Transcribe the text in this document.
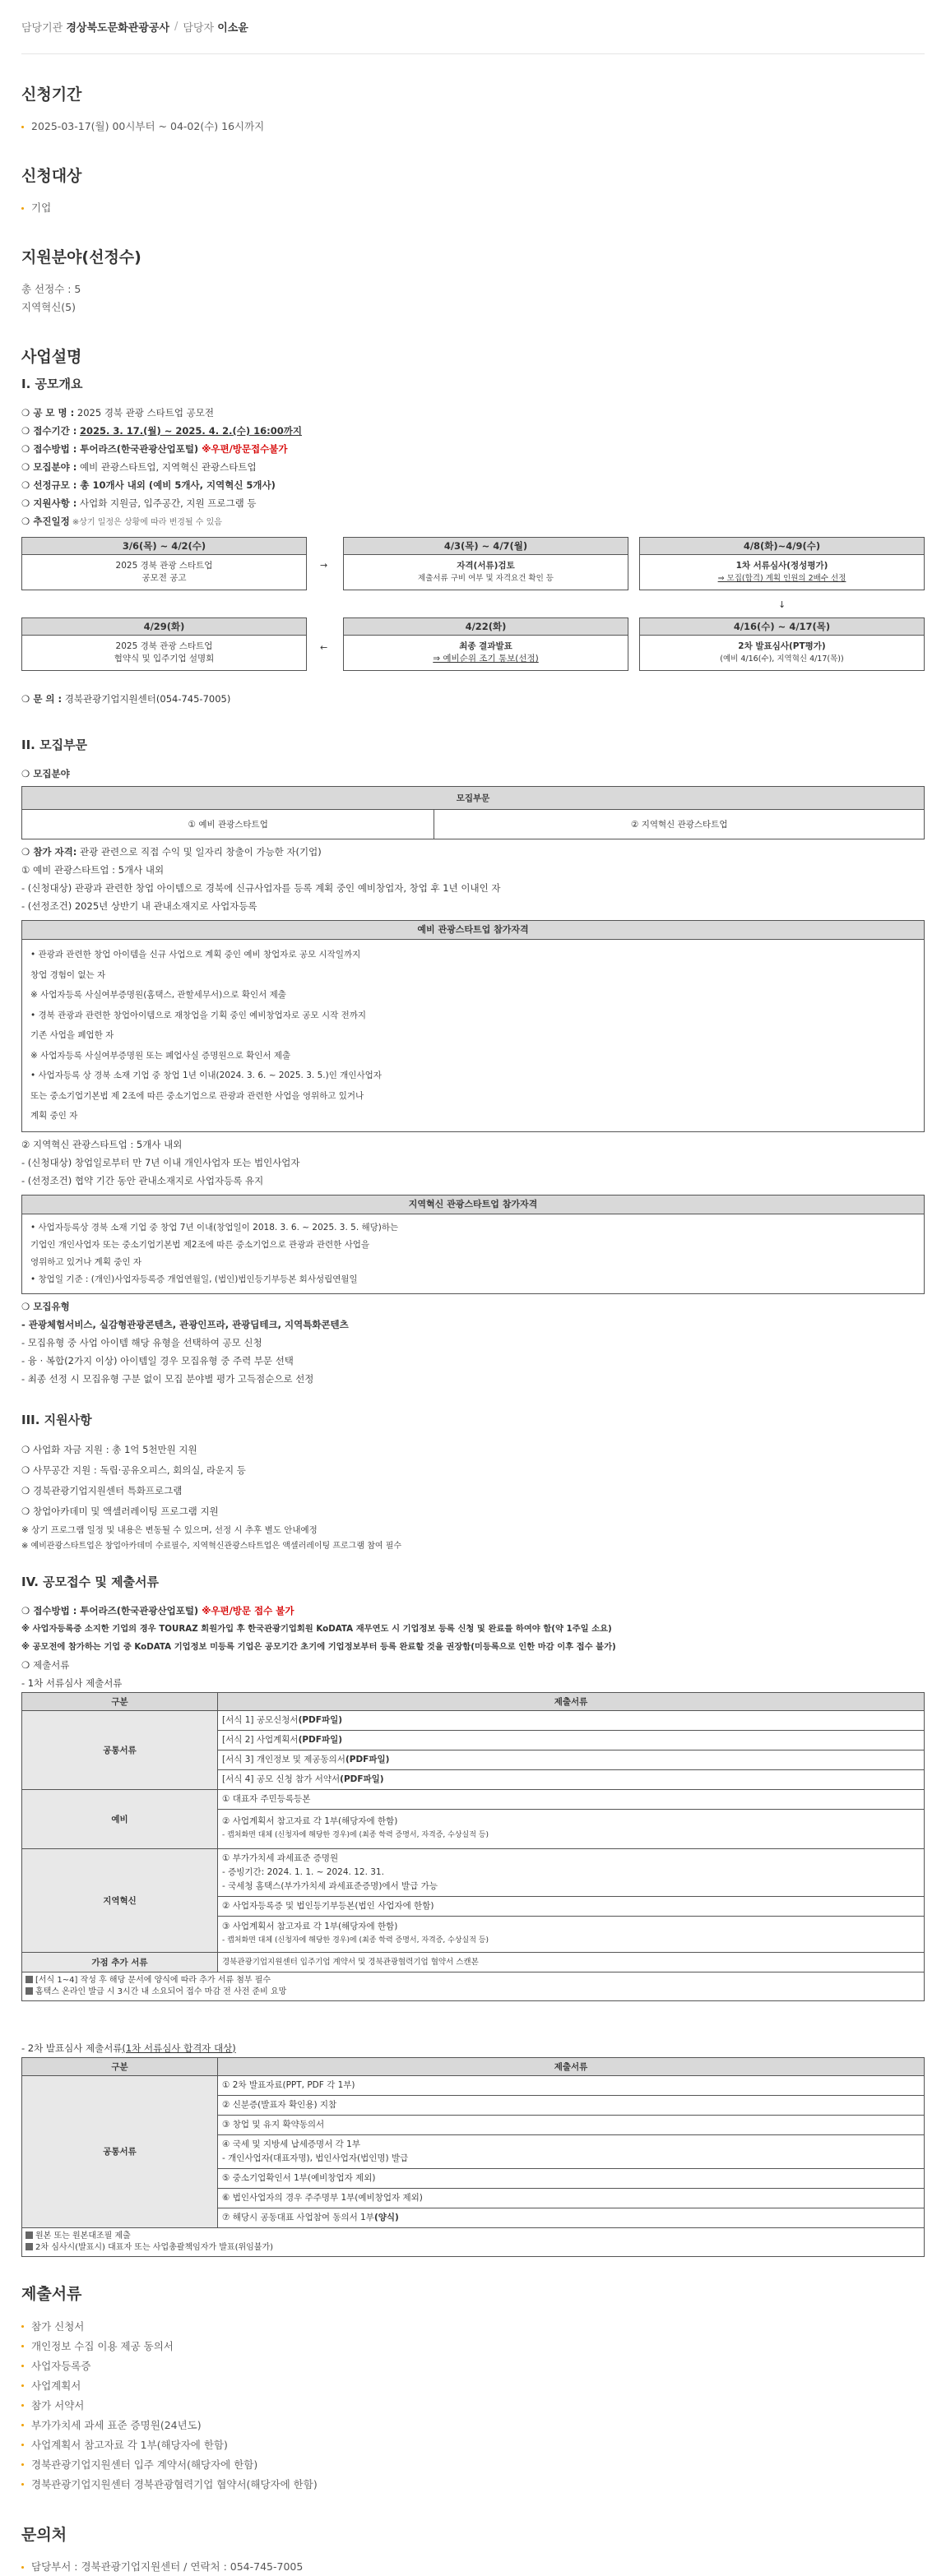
담당기관
경상북도문화관광공사 / 담당자
이소윤
신청기간
2025-03-17(월) 00시부터 ~ 04-02(수) 16시까지
신청대상
기업
지원분야(선정수)
총 선정수 : 5
지역혁신(5)
사업설명
I. 공모개요
❍ 공 모 명 : 2025 경북 관광 스타트업 공모전
❍ 접수기간 : 2025. 3. 17.(월) ~ 2025. 4. 2.(수) 16:00까지
❍ 접수방법 : 투어라즈(한국관광산업포털) ※우편/방문접수불가
❍ 모집분야 : 예비 관광스타트업, 지역혁신 관광스타트업
❍ 선정규모 : 총 10개사 내외 (예비 5개사, 지역혁신 5개사)
❍ 지원사항 : 사업화 지원금, 입주공간, 지원 프로그램 등
❍ 추진일정 ※상기 일정은 상황에 따라 변경될 수 있음
3/6(목) ~ 4/2(수)
2025 경북 관광 스타트업
공모전 공고
→
4/3(목) ~ 4/7(월)
자격(서류)검토
제출서류 구비 여부 및 자격요건 확인 등
4/8(화)~4/9(수)
1차 서류심사(정성평가)
⇒ 모집(합격) 계획 인원의 2배수 선정
↓
4/29(화)
2025 경북 관광 스타트업
협약식 및 입주기업 설명회
←
4/22(화)
최종 결과발표
⇒ 예비순위 조기 통보(선정)
4/16(수) ~ 4/17(목)
2차 발표심사(PT평가)
(예비 4/16(수), 지역혁신 4/17(목))
❍ 문 의 : 경북관광기업지원센터(054-745-7005)
II. 모집부문
❍ 모집분야
모집부문
① 예비 관광스타트업	② 지역혁신 관광스타트업
❍ 참가 자격: 관광 관련으로 직접 수익 및 일자리 창출이 가능한 자(기업)
① 예비 관광스타트업 : 5개사 내외
- (신청대상) 관광과 관련한 창업 아이템으로 경북에 신규사업자를 등록 계획 중인 예비창업자, 창업 후 1년 이내인 자
- (선정조건) 2025년 상반기 내 관내소재지로 사업자등록
예비 관광스타트업 참가자격
• 관광과 관련한 창업 아이템을 신규 사업으로 계획 중인 예비 창업자로 공모 시작일까지
창업 경험이 없는 자
※ 사업자등록 사실여부증명원(홈택스, 관할세무서)으로 확인서 제출
• 경북 관광과 관련한 창업아이템으로 재창업을 기획 중인 예비창업자로 공모 시작 전까지
기존 사업을 폐업한 자
※ 사업자등록 사실여부증명원 또는 폐업사실 증명원으로 확인서 제출
• 사업자등록 상 경북 소재 기업 중 창업 1년 이내(2024. 3. 6. ~ 2025. 3. 5.)인 개인사업자
또는 중소기업기본법 제 2조에 따른 중소기업으로 관광과 관련한 사업을 영위하고 있거나
계획 중인 자
② 지역혁신 관광스타트업 : 5개사 내외
- (신청대상) 창업일로부터 만 7년 이내 개인사업자 또는 법인사업자
- (선정조건) 협약 기간 동안 관내소재지로 사업자등록 유지
지역혁신 관광스타트업 참가자격
• 사업자등록상 경북 소재 기업 중 창업 7년 이내(창업일이 2018. 3. 6. ~ 2025. 3. 5. 해당)하는
기업인 개인사업자 또는 중소기업기본법 제2조에 따른 중소기업으로 관광과 관련한 사업을
영위하고 있거나 계획 중인 자
• 창업일 기준 : (개인)사업자등록증 개업연월일, (법인)법인등기부등본 회사성립연월일
❍ 모집유형
- 관광체험서비스, 실감형관광콘텐츠, 관광인프라, 관광딥테크, 지역특화콘텐츠
- 모집유형 중 사업 아이템 해당 유형을 선택하여 공모 신청
- 융 · 복합(2가지 이상) 아이템일 경우 모집유형 중 주력 부문 선택
- 최종 선정 시 모집유형 구분 없이 모집 분야별 평가 고득점순으로 선정
III. 지원사항
❍ 사업화 자금 지원 : 총 1억 5천만원 지원
❍ 사무공간 지원 : 독립·공유오피스, 회의실, 라운지 등
❍ 경북관광기업지원센터 특화프로그램
❍ 창업아카데미 및 액셀러레이팅 프로그램 지원
※ 상기 프로그램 일정 및 내용은 변동될 수 있으며, 선정 시 추후 별도 안내예정
※ 예비관광스타트업은 창업아카데미 수료필수, 지역혁신관광스타트업은 액셀러레이팅 프로그램 참여 필수
IV. 공모접수 및 제출서류
❍ 접수방법 : 투어라즈(한국관광산업포털) ※우편/방문 접수 불가
※ 사업자등록증 소지한 기업의 경우 TOURAZ 회원가입 후 한국관광기업회원 KoDATA 재무연도 시 기업정보 등록 신청 및 완료를 하여야 함(약 1주일 소요)
※ 공모전에 참가하는 기업 중 KoDATA 기업정보 미등록 기업은 공모기간 초기에 기업정보부터 등록 완료할 것을 권장함(미등록으로 인한 마감 이후 접수 불가)
❍ 제출서류
- 1차 서류심사 제출서류
구분	제출서류
공통서류	[서식 1] 공모신청서(PDF파일)
	[서식 2] 사업계획서(PDF파일)
	[서식 3] 개인정보 및 제공동의서(PDF파일)
	[서식 4] 공모 신청 참가 서약서(PDF파일)
예비	① 대표자 주민등록등본

	② 사업계획서 참고자료 각 1부(해당자에 한함)
- 캡처화면 대체 (신청자에 해당한 경우)에 (최종 학력 증명서, 자격증, 수상실적 등)

지역혁신	① 부가가치세 과세표준 증명원
- 증빙기간: 2024. 1. 1. ~ 2024. 12. 31.
- 국세청 홈택스(부가가치세 과세표준증명)에서 발급 가능

	② 사업자등록증 및 법인등기부등본(법인 사업자에 한함)

	③ 사업계획서 참고자료 각 1부(해당자에 한함)
- 캡처화면 대체 (신청자에 해당한 경우)에 (최종 학력 증명서, 자격증, 수상실적 등)

가점 추가 서류	경북관광기업지원센터 입주기업 계약서 및 경북관광협력기업 협약서 스캔본

[서식 1~4] 작성 후 해당 문서에 양식에 따라 추가 서류 첨부 필수
홈택스 온라인 발급 시 3시간 내 소요되어 접수 마감 전 사전 준비 요망	
- 2차 발표심사 제출서류(1차 서류심사 합격자 대상)
구분	제출서류
공통서류	① 2차 발표자료(PPT, PDF 각 1부)
	② 신분증(발표자 확인용) 지참
	③ 창업 및 유지 확약동의서

	④ 국세 및 지방세 납세증명서 각 1부
- 개인사업자(대표자명), 법인사업자(법인명) 발급

	⑤ 중소기업확인서 1부(예비창업자 제외)
	⑥ 법인사업자의 경우 주주명부 1부(예비창업자 제외)
	⑦ 해당시 공동대표 사업참여 동의서 1부(양식)

원본 또는 원본대조필 제출
2차 심사시(발표시) 대표자 또는 사업총괄책임자가 발표(위임불가)	
제출서류
참가 신청서
개인정보 수집 이용 제공 동의서
사업자등록증
사업계획서
참가 서약서
부가가치세 과세 표준 증명원(24년도)
사업계획서 참고자료 각 1부(해당자에 한함)
경북관광기업지원센터 입주 계약서(해당자에 한함)
경북관광기업지원센터 경북관광협력기업 협약서(해당자에 한함)
문의처
담당부서 : 경북관광기업지원센터 / 연락처 : 054-745-7005
